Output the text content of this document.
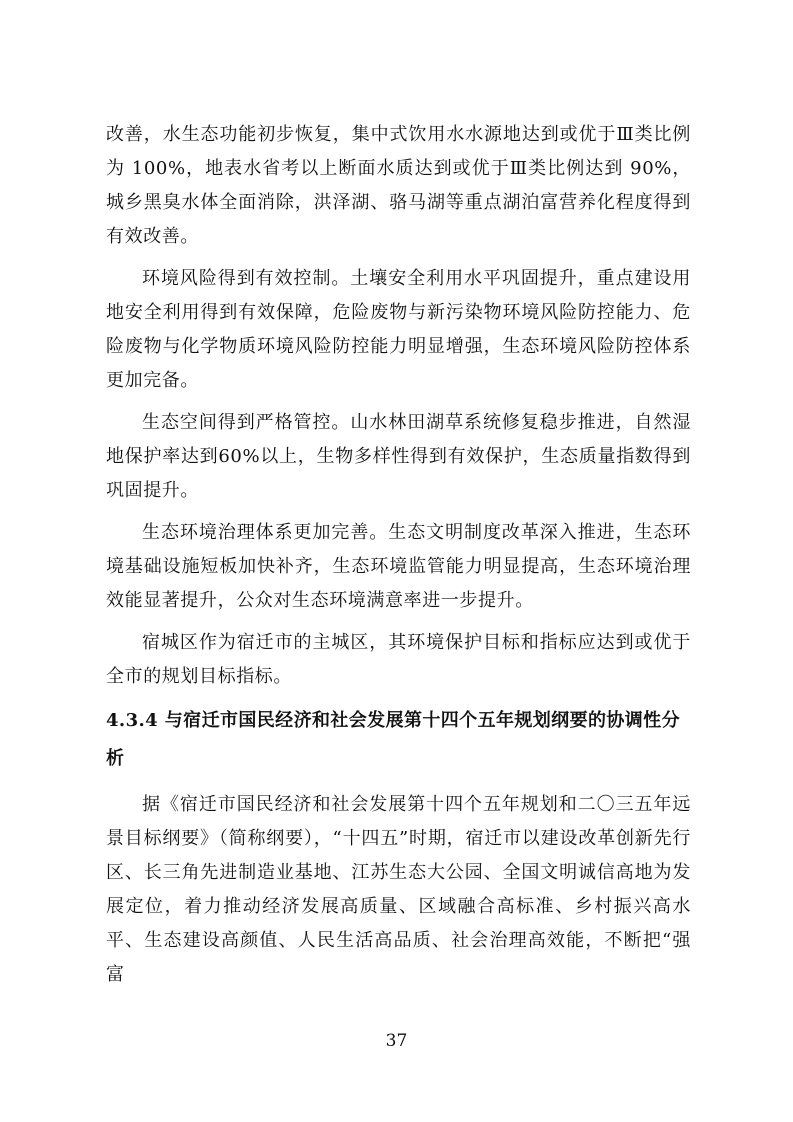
改善，水生态功能初步恢复，集中式饮用水水源地达到或优于Ⅲ类比例为 100%，地表水省考以上断面水质达到或优于Ⅲ类比例达到 90%，城乡黑臭水体全面消除，洪泽湖、骆马湖等重点湖泊富营养化程度得到有效改善。

环境风险得到有效控制。土壤安全利用水平巩固提升，重点建设用地安全利用得到有效保障，危险废物与新污染物环境风险防控能力、危险废物与化学物质环境风险防控能力明显增强，生态环境风险防控体系更加完备。

生态空间得到严格管控。山水林田湖草系统修复稳步推进，自然湿地保护率达到60%以上，生物多样性得到有效保护，生态质量指数得到巩固提升。

生态环境治理体系更加完善。生态文明制度改革深入推进，生态环境基础设施短板加快补齐，生态环境监管能力明显提高，生态环境治理效能显著提升，公众对生态环境满意率进一步提升。

宿城区作为宿迁市的主城区，其环境保护目标和指标应达到或优于全市的规划目标指标。

4.3.4 与宿迁市国民经济和社会发展第十四个五年规划纲要的协调性分析

据《宿迁市国民经济和社会发展第十四个五年规划和二〇三五年远景目标纲要》（简称纲要），“十四五”时期，宿迁市以建设改革创新先行区、长三角先进制造业基地、江苏生态大公园、全国文明诚信高地为发展定位，着力推动经济发展高质量、区域融合高标准、乡村振兴高水平、生态建设高颜值、人民生活高品质、社会治理高效能，不断把“强富

37
